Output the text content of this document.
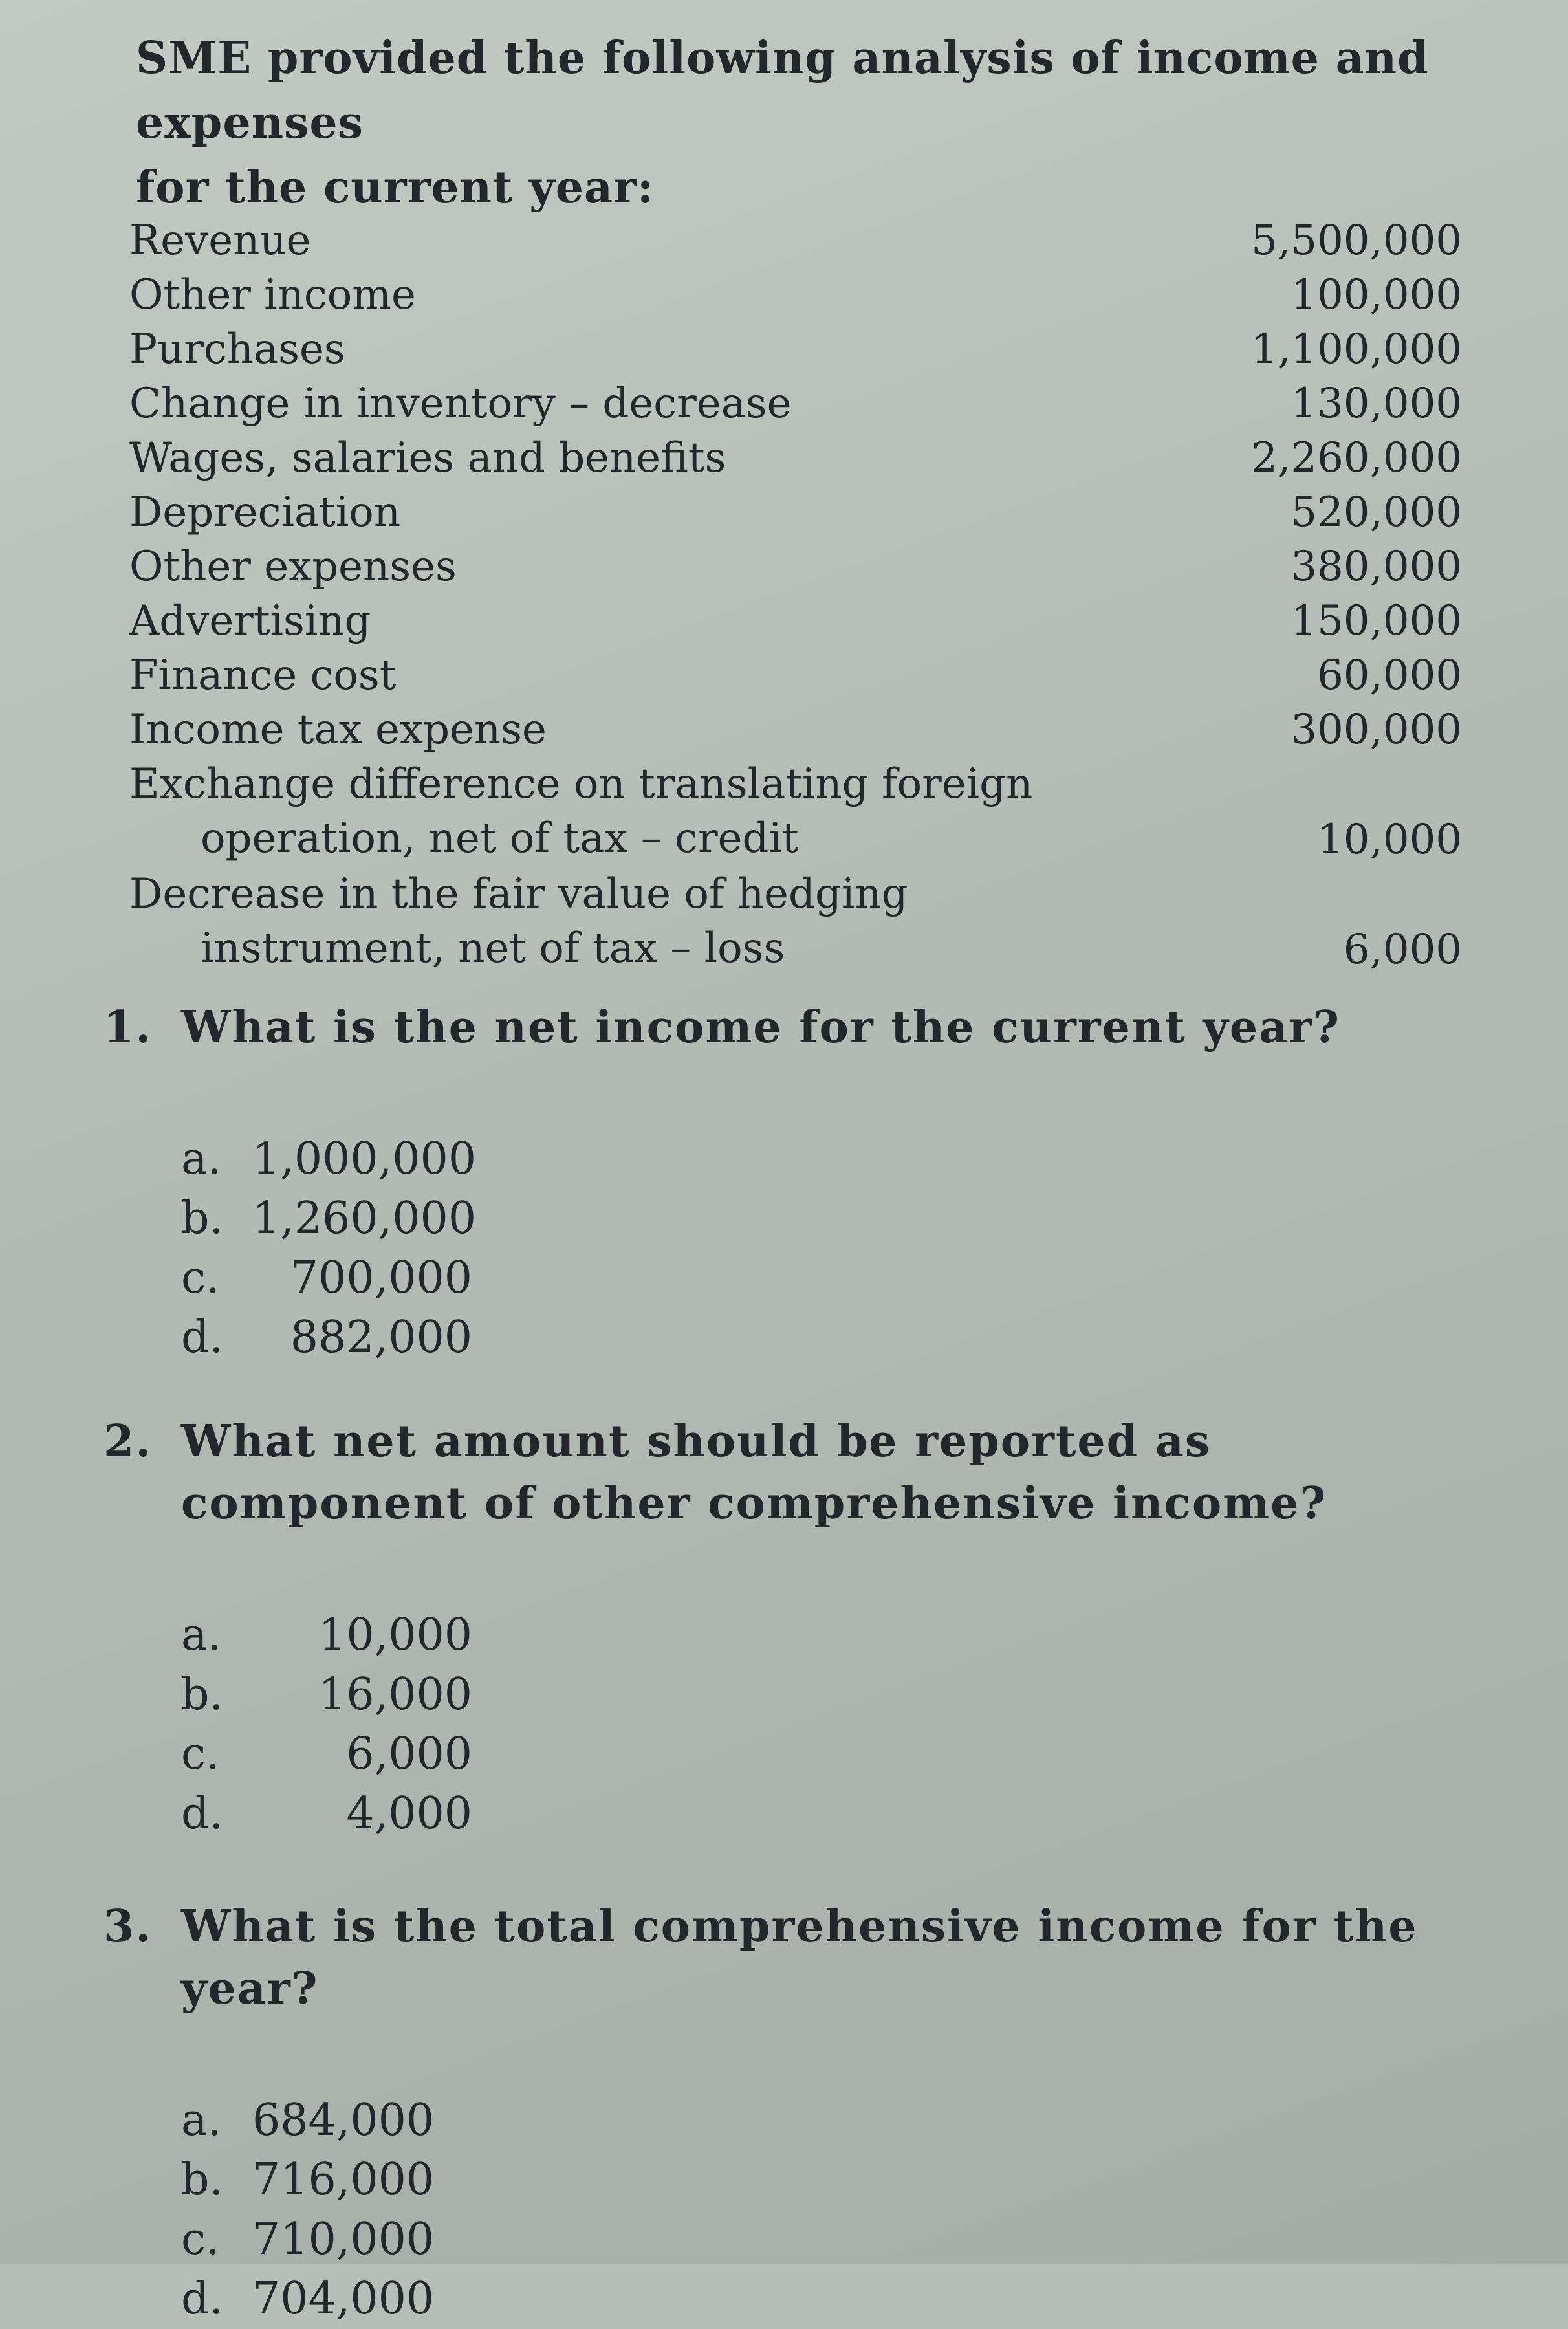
SME provided the following analysis of income and expenses

for the current year:

Revenue	5,500,000
Other income	100,000
Purchases	1,100,000
Change in inventory – decrease	130,000
Wages, salaries and benefits	2,260,000
Depreciation	520,000
Other expenses	380,000
Advertising	150,000
Finance cost	60,000
Income tax expense	300,000
Exchange difference on translating foreign
operation, net of tax – credit	10,000
Decrease in the fair value of hedging
instrument, net of tax – loss	6,000
1. What is the net income for the current year?
a. 1,000,000
b. 1,260,000
c.	700,000
d.	882,000
2. What net amount should be reported as component of other comprehensive income?
a.	10,000
b.	16,000
c.	6,000
d.	4,000
3. What is the total comprehensive income for the year?
a. 684,000
b. 716,000
c. 710,000
d. 704,000
